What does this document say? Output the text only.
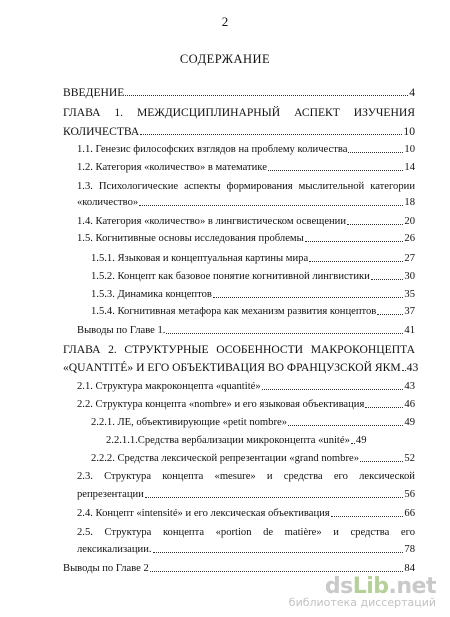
2
СОДЕРЖАНИЕ
ВВЕДЕНИЕ	4
ГЛАВА 1. МЕЖДИСЦИПЛИНАРНЫЙ АСПЕКТ ИЗУЧЕНИЯ
КОЛИЧЕСТВА	10
1.1. Генезис философских взглядов на проблему количества	10
1.2. Категория «количество» в математике	14
1.3. Психологические аспекты формирования мыслительной категории
«количество»	18
1.4. Категория «количество» в лингвистическом освещении	20
1.5. Когнитивные основы исследования проблемы	26
1.5.1. Языковая и концептуальная картины мира	27
1.5.2. Концепт как базовое понятие когнитивной лингвистики	30
1.5.3. Динамика концептов	35
1.5.4. Когнитивная метафора как механизм развития концептов	37
Выводы по Главе 1.	41
ГЛАВА 2. СТРУКТУРНЫЕ ОСОБЕННОСТИ МАКРОКОНЦЕПТА
«QUANTITÉ» И ЕГО ОБЪЕКТИВАЦИЯ ВО ФРАНЦУЗСКОЙ ЯКМ 43
2.1. Структура макроконцепта «quantité»	43
2.2. Структура концепта «nombre» и его языковая объективация	46
2.2.1. ЛЕ, объективирующие «petit nombre»	49
2.2.1.1.Средства вербализации микроконцепта «unité» 49
2.2.2. Средства лексической репрезентации «grand nombre»	52
2.3. Структура концепта «mesure» и средства его лексической
репрезентации	56
2.4. Концепт «intensité» и его лексическая объективация	66
2.5. Структура концепта «portion de matière» и средства его
лексикализации.	78
Выводы по Главе 2	84
dsLib.net
библиотека диссертаций
